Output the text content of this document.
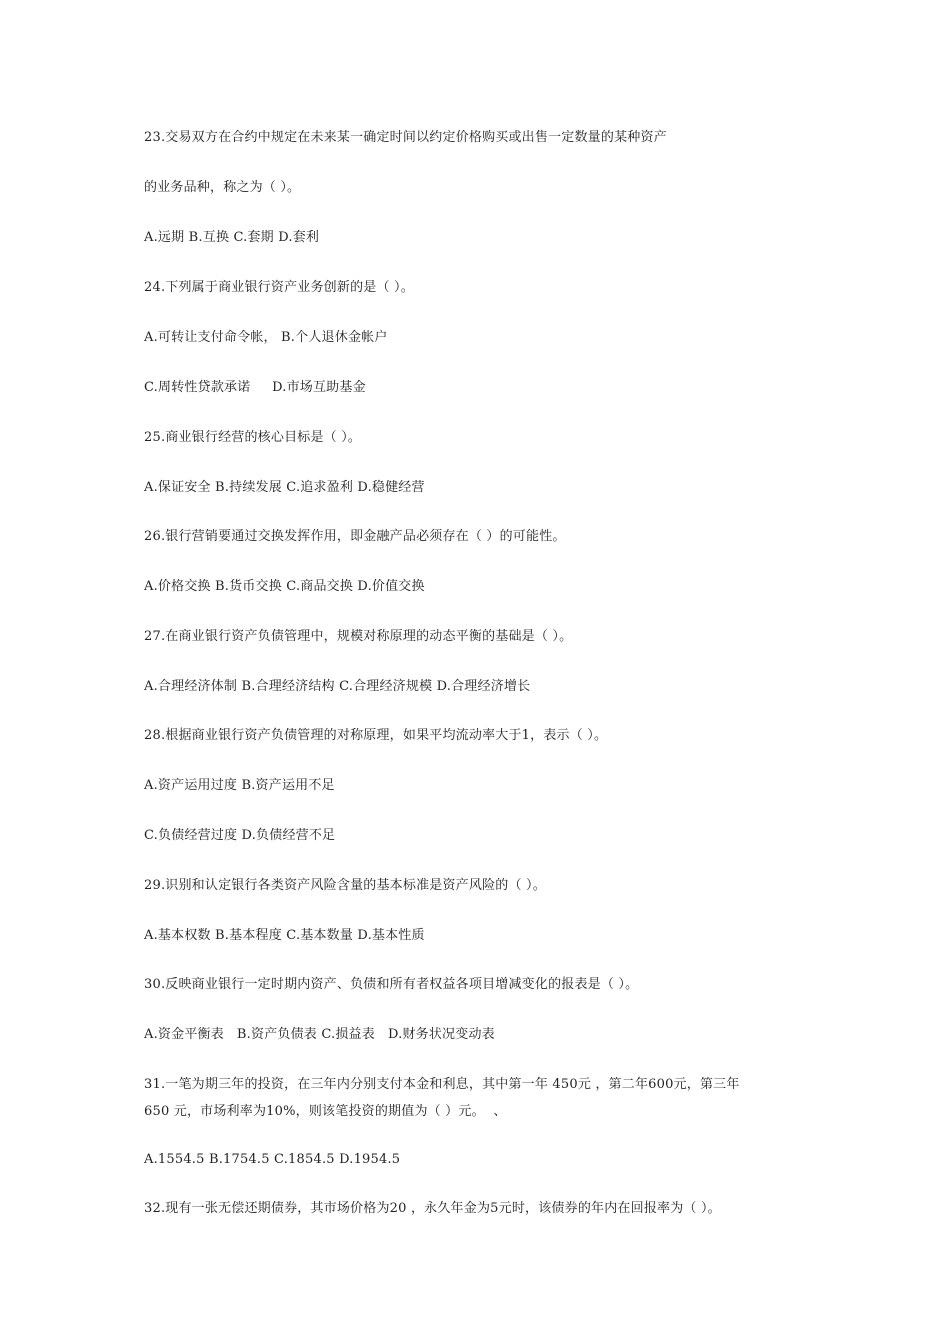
23.交易双方在合约中规定在未来某一确定时间以约定价格购买或出售一定数量的某种资产
的业务品种，称之为（ ）。
A.远期 B.互换 C.套期 D.套利
24.下列属于商业银行资产业务创新的是（ ）。
A.可转让支付命令帐， B.个人退休金帐户
C.周转性贷款承诺     D.市场互助基金
25.商业银行经营的核心目标是（ ）。
A.保证安全 B.持续发展 C.追求盈利 D.稳健经营
26.银行营销要通过交换发挥作用，即金融产品必须存在（ ）的可能性。
A.价格交换 B.货币交换 C.商品交换 D.价值交换
27.在商业银行资产负债管理中，规模对称原理的动态平衡的基础是（ ）。
A.合理经济体制 B.合理经济结构 C.合理经济规模 D.合理经济增长
28.根据商业银行资产负债管理的对称原理，如果平均流动率大于1，表示（ ）。
A.资产运用过度 B.资产运用不足
C.负债经营过度 D.负债经营不足
29.识别和认定银行各类资产风险含量的基本标准是资产风险的（ ）。
A.基本权数 B.基本程度 C.基本数量 D.基本性质
30.反映商业银行一定时期内资产、负债和所有者权益各项目增减变化的报表是（ ）。
A.资金平衡表   B.资产负债表 C.损益表   D.财务状况变动表
31.一笔为期三年的投资，在三年内分别支付本金和利息，其中第一年 450元 ，第二年600元，第三年
650 元，市场利率为10%，则该笔投资的期值为（ ）元。  、
A.1554.5 B.1754.5 C.1854.5 D.1954.5
32.现有一张无偿还期债券，其市场价格为20 ，永久年金为5元时，该债券的年内在回报率为（ ）。
